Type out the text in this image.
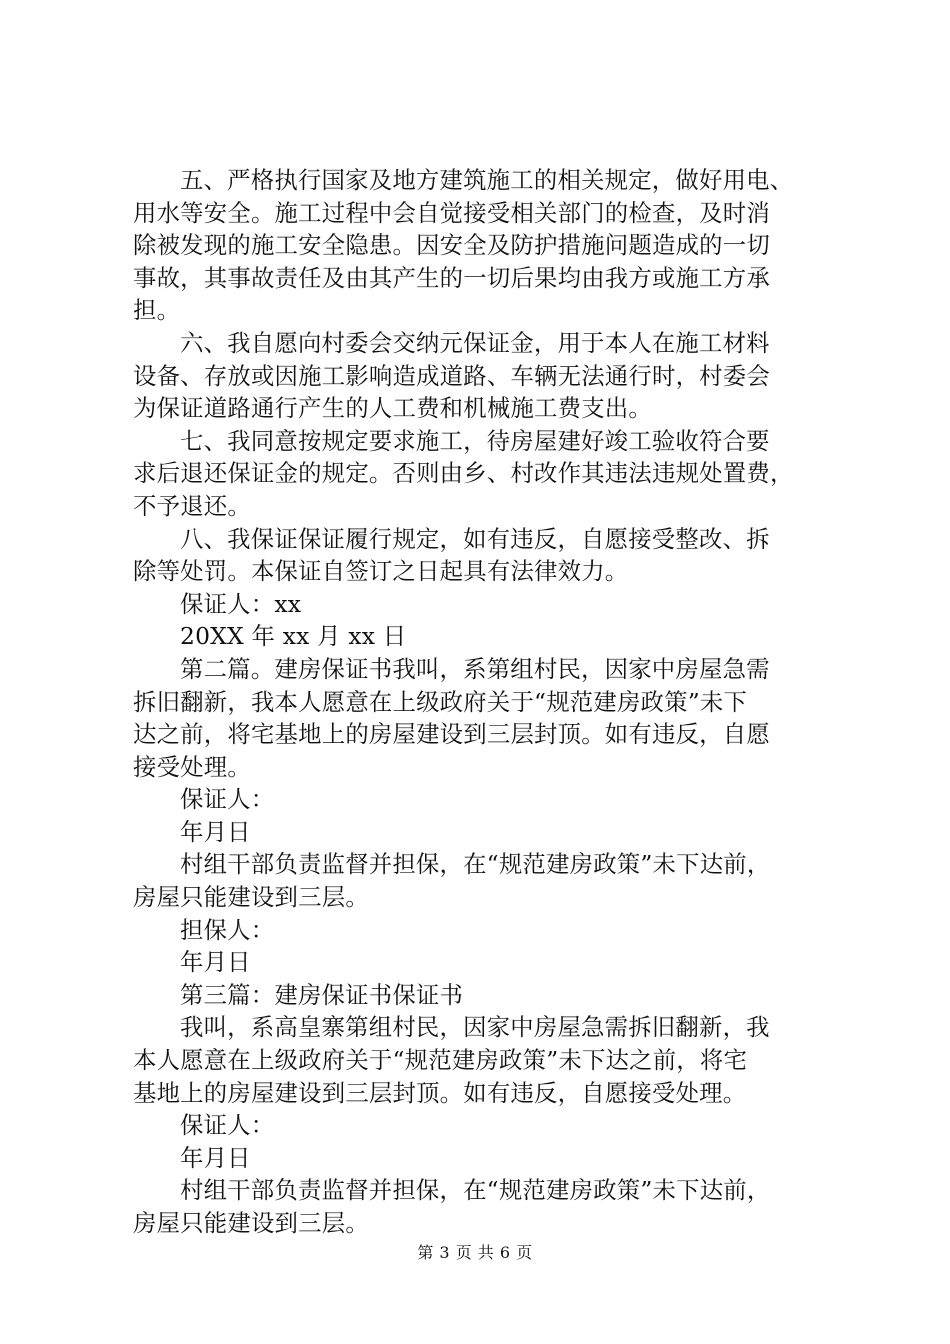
五、严格执行国家及地方建筑施工的相关规定，做好用电、
用水等安全。施工过程中会自觉接受相关部门的检查，及时消
除被发现的施工安全隐患。因安全及防护措施问题造成的一切
事故，其事故责任及由其产生的一切后果均由我方或施工方承
担。
六、我自愿向村委会交纳元保证金，用于本人在施工材料
设备、存放或因施工影响造成道路、车辆无法通行时，村委会
为保证道路通行产生的人工费和机械施工费支出。
七、我同意按规定要求施工，待房屋建好竣工验收符合要
求后退还保证金的规定。否则由乡、村改作其违法违规处置费，
不予退还。
八、我保证保证履行规定，如有违反，自愿接受整改、拆
除等处罚。本保证自签订之日起具有法律效力。
保证人：xx
20XX 年 xx 月 xx 日
第二篇。建房保证书我叫，系第组村民，因家中房屋急需
拆旧翻新，我本人愿意在上级政府关于“规范建房政策”未下
达之前，将宅基地上的房屋建设到三层封顶。如有违反，自愿
接受处理。
保证人：
年月日
村组干部负责监督并担保，在“规范建房政策”未下达前，
房屋只能建设到三层。
担保人：
年月日
第三篇：建房保证书保证书
我叫，系高皇寨第组村民，因家中房屋急需拆旧翻新，我
本人愿意在上级政府关于“规范建房政策”未下达之前，将宅
基地上的房屋建设到三层封顶。如有违反，自愿接受处理。
保证人：
年月日
村组干部负责监督并担保，在“规范建房政策”未下达前，
房屋只能建设到三层。
第 3 页 共 6 页
